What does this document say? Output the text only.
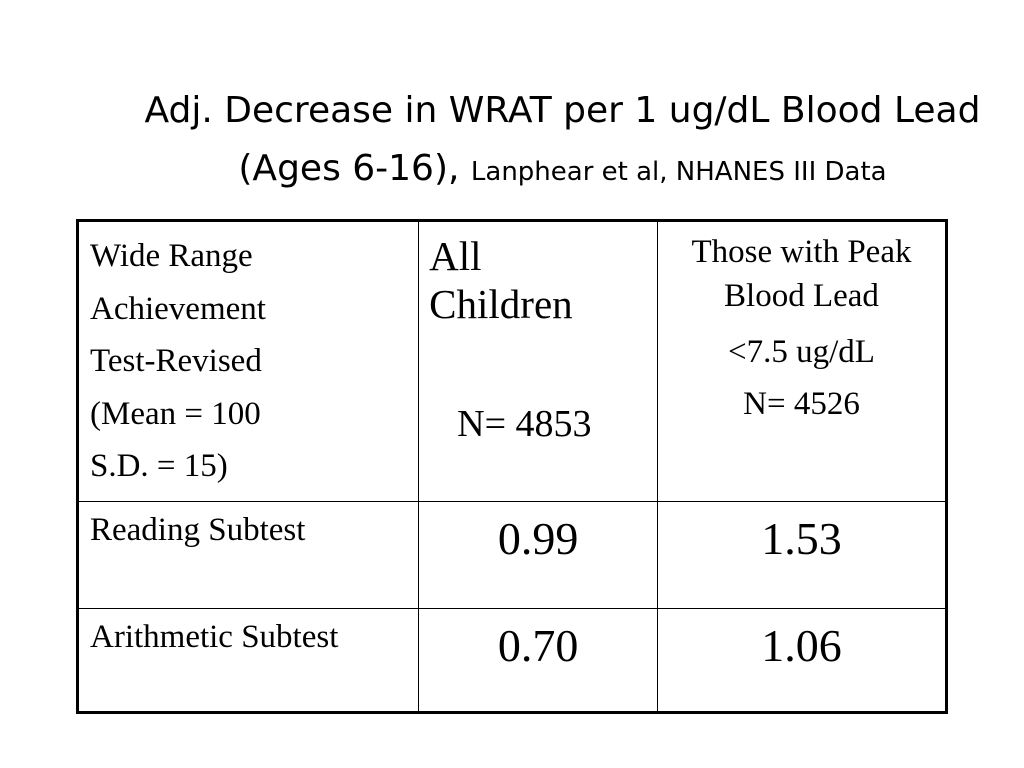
Adj. Decrease in WRAT per 1 ug/dL Blood Lead (Ages 6-16), Lanphear et al, NHANES III Data
Wide Range
Achievement
Test-Revised
(Mean = 100
S.D. = 15)	All
Children
N= 4853	Those with Peak
Blood Lead
<7.5 ug/dL
N= 4526

Reading Subtest	0.99	1.53

Arithmetic Subtest	0.70	1.06
